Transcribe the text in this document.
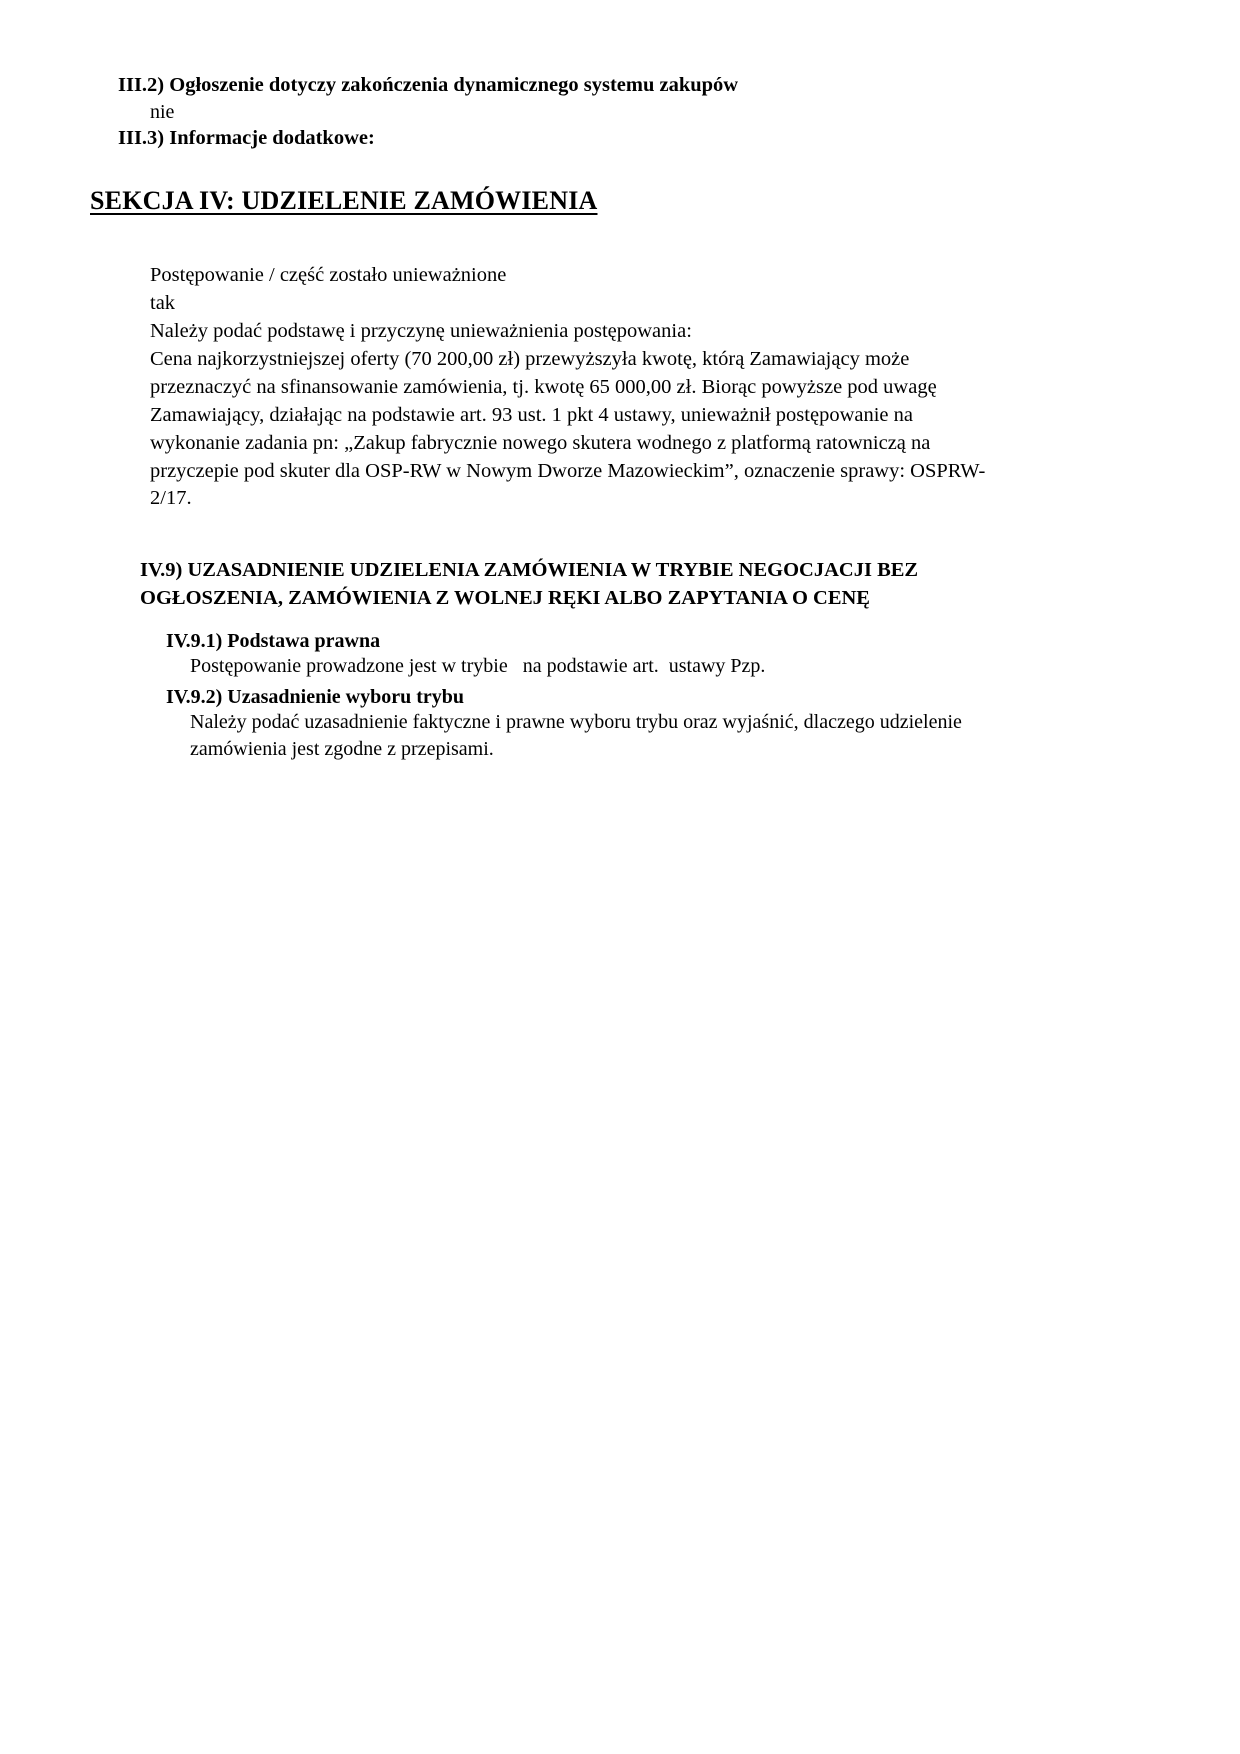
III.2) Ogłoszenie dotyczy zakończenia dynamicznego systemu zakupów
nie
III.3) Informacje dodatkowe:
SEKCJA IV: UDZIELENIE ZAMÓWIENIA

Postępowanie / część zostało unieważnione

tak

Należy podać podstawę i przyczynę unieważnienia postępowania:

Cena najkorzystniejszej oferty (70 200,00 zł) przewyższyła kwotę, którą Zamawiający może przeznaczyć na sfinansowanie zamówienia, tj. kwotę 65 000,00 zł. Biorąc powyższe pod uwagę Zamawiający, działając na podstawie art. 93 ust. 1 pkt 4 ustawy, unieważnił postępowanie na wykonanie zadania pn: „Zakup fabrycznie nowego skutera wodnego z platformą ratowniczą na przyczepie pod skuter dla OSP-RW w Nowym Dworze Mazowieckim”, oznaczenie sprawy: OSPRW-2/17.

IV.9) UZASADNIENIE UDZIELENIA ZAMÓWIENIA W TRYBIE NEGOCJACJI BEZ OGŁOSZENIA, ZAMÓWIENIA Z WOLNEJ RĘKI ALBO ZAPYTANIA O CENĘ
IV.9.1) Podstawa prawna
Postępowanie prowadzone jest w trybie   na podstawie art.  ustawy Pzp.
IV.9.2) Uzasadnienie wyboru trybu
Należy podać uzasadnienie faktyczne i prawne wyboru trybu oraz wyjaśnić, dlaczego udzielenie zamówienia jest zgodne z przepisami.
